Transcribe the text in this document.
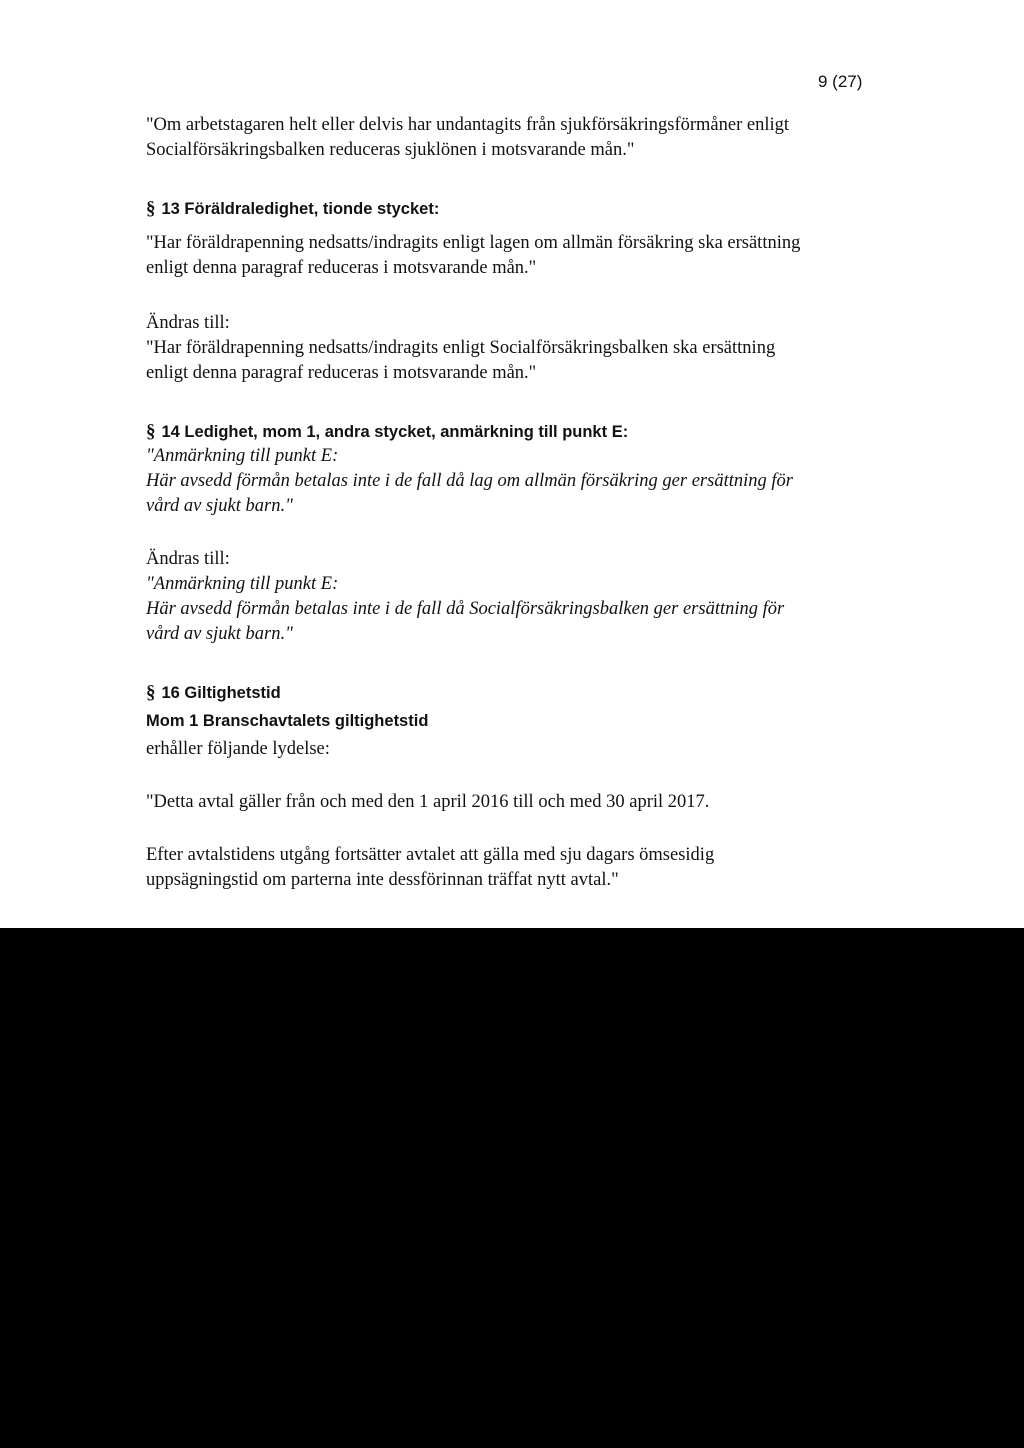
9 (27)

"Om arbetstagaren helt eller delvis har undantagits från sjukförsäkringsförmåner enligt
Socialförsäkringsbalken reduceras sjuklönen i motsvarande mån."

§ 13 Föräldraledighet, tionde stycket:

"Har föräldrapenning nedsatts/indragits enligt lagen om allmän försäkring ska ersättning
enligt denna paragraf reduceras i motsvarande mån."

Ändras till:

"Har föräldrapenning nedsatts/indragits enligt Socialförsäkringsbalken ska ersättning
enligt denna paragraf reduceras i motsvarande mån."

§ 14 Ledighet, mom 1, andra stycket, anmärkning till punkt E:

"Anmärkning till punkt E:
Här avsedd förmån betalas inte i de fall då lag om allmän försäkring ger ersättning för
vård av sjukt barn."

Ändras till:

"Anmärkning till punkt E:
Här avsedd förmån betalas inte i de fall då Socialförsäkringsbalken ger ersättning för
vård av sjukt barn."

§ 16 Giltighetstid

Mom 1 Branschavtalets giltighetstid

erhåller följande lydelse:

"Detta avtal gäller från och med den 1 april 2016 till och med 30 april 2017.

Efter avtalstidens utgång fortsätter avtalet att gälla med sju dagars ömsesidig
uppsägningstid om parterna inte dessförinnan träffat nytt avtal."
